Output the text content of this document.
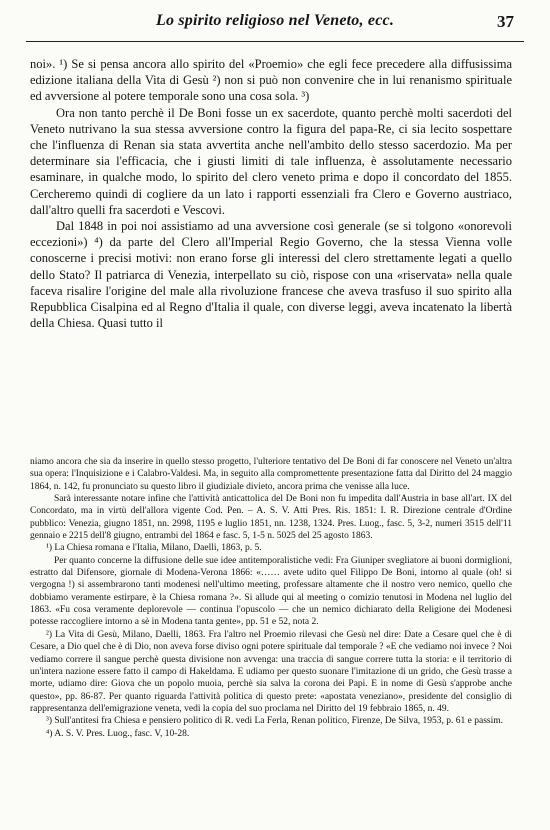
Lo spirito religioso nel Veneto, ecc.	37

noi». ¹) Se si pensa ancora allo spirito del «Proemio» che egli fece precedere alla diffusissima edizione italiana della Vita di Gesù ²) non si può non convenire che in lui renanismo spirituale ed avversione al potere temporale sono una cosa sola. ³)

Ora non tanto perchè il De Boni fosse un ex sacerdote, quanto perchè molti sacerdoti del Veneto nutrivano la sua stessa avversione contro la figura del papa-Re, ci sia lecito sospettare che l'influenza di Renan sia stata avvertita anche nell'ambito dello stesso sacerdozio. Ma per determinare sia l'efficacia, che i giusti limiti di tale influenza, è assolutamente necessario esaminare, in qualche modo, lo spirito del clero veneto prima e dopo il concordato del 1855. Cercheremo quindi di cogliere da un lato i rapporti essenziali fra Clero e Governo austriaco, dall'altro quelli fra sacerdoti e Vescovi.

Dal 1848 in poi noi assistiamo ad una avversione così generale (se si tolgono «onorevoli eccezioni») ⁴) da parte del Clero all'Imperial Regio Governo, che la stessa Vienna volle conoscerne i precisi motivi: non erano forse gli interessi del clero strettamente legati a quello dello Stato? Il patriarca di Venezia, interpellato su ciò, rispose con una «riservata» nella quale faceva risalire l'origine del male alla rivoluzione francese che aveva trasfuso il suo spirito alla Repubblica Cisalpina ed al Regno d'Italia il quale, con diverse leggi, aveva incatenato la libertà della Chiesa. Quasi tutto il

niamo ancora che sia da inserire in quello stesso progetto, l'ulteriore tentativo del De Boni di far conoscere nel Veneto un'altra sua opera: l'Inquisizione e i Calabro-Valdesi. Ma, in seguito alla compromettente presentazione fatta dal Diritto del 24 maggio 1864, n. 142, fu pronunciato su questo libro il giudiziale divieto, ancora prima che venisse alla luce.

Sarà interessante notare infine che l'attività anticattolica del De Boni non fu impedita dall'Austria in base all'art. IX del Concordato, ma in virtù dell'allora vigente Cod. Pen. – A. S. V. Atti Pres. Ris. 1851: I. R. Direzione centrale d'Ordine pubblico: Venezia, giugno 1851, nn. 2998, 1195 e luglio 1851, nn. 1238, 1324. Pres. Luog., fasc. 5, 3-2, numeri 3515 dell'11 gennaio e 2215 dell'8 giugno, entrambi del 1864 e fasc. 5, 1-5 n. 5025 del 25 agosto 1863.

¹) La Chiesa romana e l'Italia, Milano, Daelli, 1863, p. 5.

Per quanto concerne la diffusione delle sue idee antitemporalistiche vedi: Fra Giuniper svegliatore ai buoni dormiglioni, estratto dal Difensore, giornale di Modena-Verona 1866: «…… avete udito quel Filippo De Boni, intorno al quale (oh! si vergogna !) si assembrarono tanti modenesi nell'ultimo meeting, professare altamente che il nostro vero nemico, quello che dobbiamo veramente estirpare, è la Chiesa romana ?». Si allude qui al meeting o comizio tenutosi in Modena nel luglio del 1863. «Fu cosa veramente deplorevole — continua l'opuscolo — che un nemico dichiarato della Religione dei Modenesi potesse raccogliere intorno a sè in Modena tanta gente», pp. 51 e 52, nota 2.

²) La Vita di Gesù, Milano, Daelli, 1863. Fra l'altro nel Proemio rilevasi che Gesù nel dire: Date a Cesare quel che è di Cesare, a Dio quel che è di Dio, non aveva forse diviso ogni potere spirituale dal temporale ? «E che vediamo noi invece ? Noi vediamo correre il sangue perchè questa divisione non avvenga: una traccia di sangue correre tutta la storia: e il territorio di un'intera nazione essere fatto il campo di Hakeldama. E udiamo per questo suonare l'imitazione di un grido, che Gesù trasse a morte, udiamo dire: Giova che un popolo muoia, perchè sia salva la corona dei Papi. E in nome di Gesù s'approbe anche questo», pp. 86-87. Per quanto riguarda l'attività politica di questo prete: «apostata veneziano», presidente del consiglio di rappresentanza dell'emigrazione veneta, vedi la copia del suo proclama nel Diritto del 19 febbraio 1865, n. 49.

³) Sull'antitesi fra Chiesa e pensiero politico di R. vedi La Ferla, Renan politico, Firenze, De Silva, 1953, p. 61 e passim.

⁴) A. S. V. Pres. Luog., fasc. V, 10-28.
